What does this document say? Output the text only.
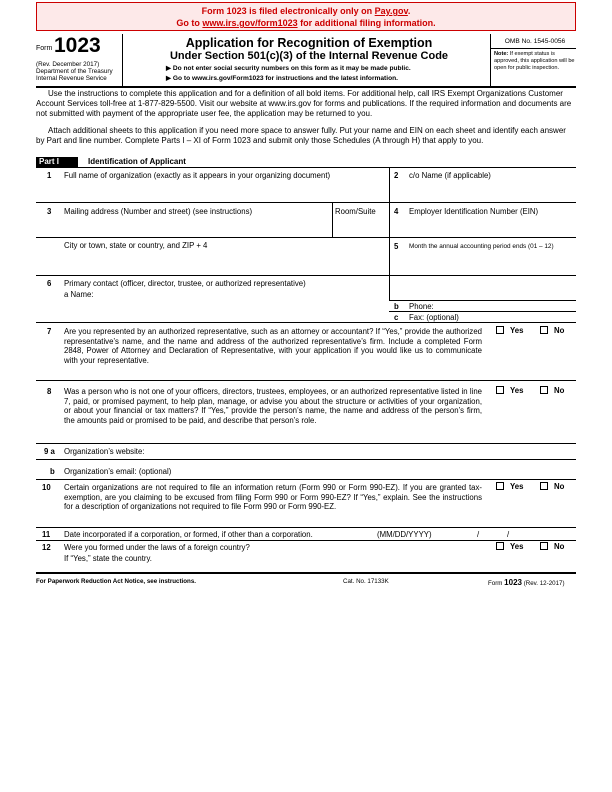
Form 1023 is filed electronically only on Pay.gov.
Go to www.irs.gov/form1023 for additional filing information.
Form 1023
(Rev. December 2017)
Department of the Treasury
Internal Revenue Service
Application for Recognition of Exemption
Under Section 501(c)(3) of the Internal Revenue Code
▶ Do not enter social security numbers on this form as it may be made public.
▶ Go to www.irs.gov/Form1023 for instructions and the latest information.
OMB No. 1545-0056
Note: If exempt status is approved, this application will be open for public inspection.
Use the instructions to complete this application and for a definition of all bold items. For additional help, call IRS Exempt Organizations Customer Account Services toll-free at 1-877-829-5500. Visit our website at www.irs.gov for forms and publications. If the required information and documents are not submitted with payment of the appropriate user fee, the application may be returned to you.
Attach additional sheets to this application if you need more space to answer fully. Put your name and EIN on each sheet and identify each answer by Part and line number. Complete Parts I – XI of Form 1023 and submit only those Schedules (A through H) that apply to you.
Part I	Identification of Applicant
1 Full name of organization (exactly as it appears in your organizing document)	2 c/o Name (if applicable)
3 Mailing address (Number and street) (see instructions)	Room/Suite 4 Employer Identification Number (EIN)
City or town, state or country, and ZIP + 4	5 Month the annual accounting period ends (01 – 12)
6 Primary contact (officer, director, trustee, or authorized representative)
a Name:
b Phone:
c Fax: (optional)
7 Are you represented by an authorized representative, such as an attorney or accountant? If “Yes,” provide the authorized representative’s name, and the name and address of the authorized representative’s firm. Include a completed Form 2848, Power of Attorney and Declaration of Representative, with your application if you would like us to communicate with your representative.
Yes	No
8 Was a person who is not one of your officers, directors, trustees, employees, or an authorized representative listed in line 7, paid, or promised payment, to help plan, manage, or advise you about the structure or activities of your organization, or about your financial or tax matters? If “Yes,” provide the person’s name, the name and address of the person’s firm, the amounts paid or promised to be paid, and describe that person’s role.
Yes	No
9 a Organization’s website:
b Organization’s email: (optional)
10 Certain organizations are not required to file an information return (Form 990 or Form 990-EZ). If you are granted tax-exemption, are you claiming to be excused from filing Form 990 or Form 990-EZ? If “Yes,” explain. See the instructions for a description of organizations not required to file Form 990 or Form 990-EZ.
Yes	No
11 Date incorporated if a corporation, or formed, if other than a corporation.	(MM/DD/YYYY)	/	/
12 Were you formed under the laws of a foreign country?
If “Yes,” state the country.
Yes	No
For Paperwork Reduction Act Notice, see instructions.	Cat. No. 17133K	Form 1023 (Rev. 12-2017)
